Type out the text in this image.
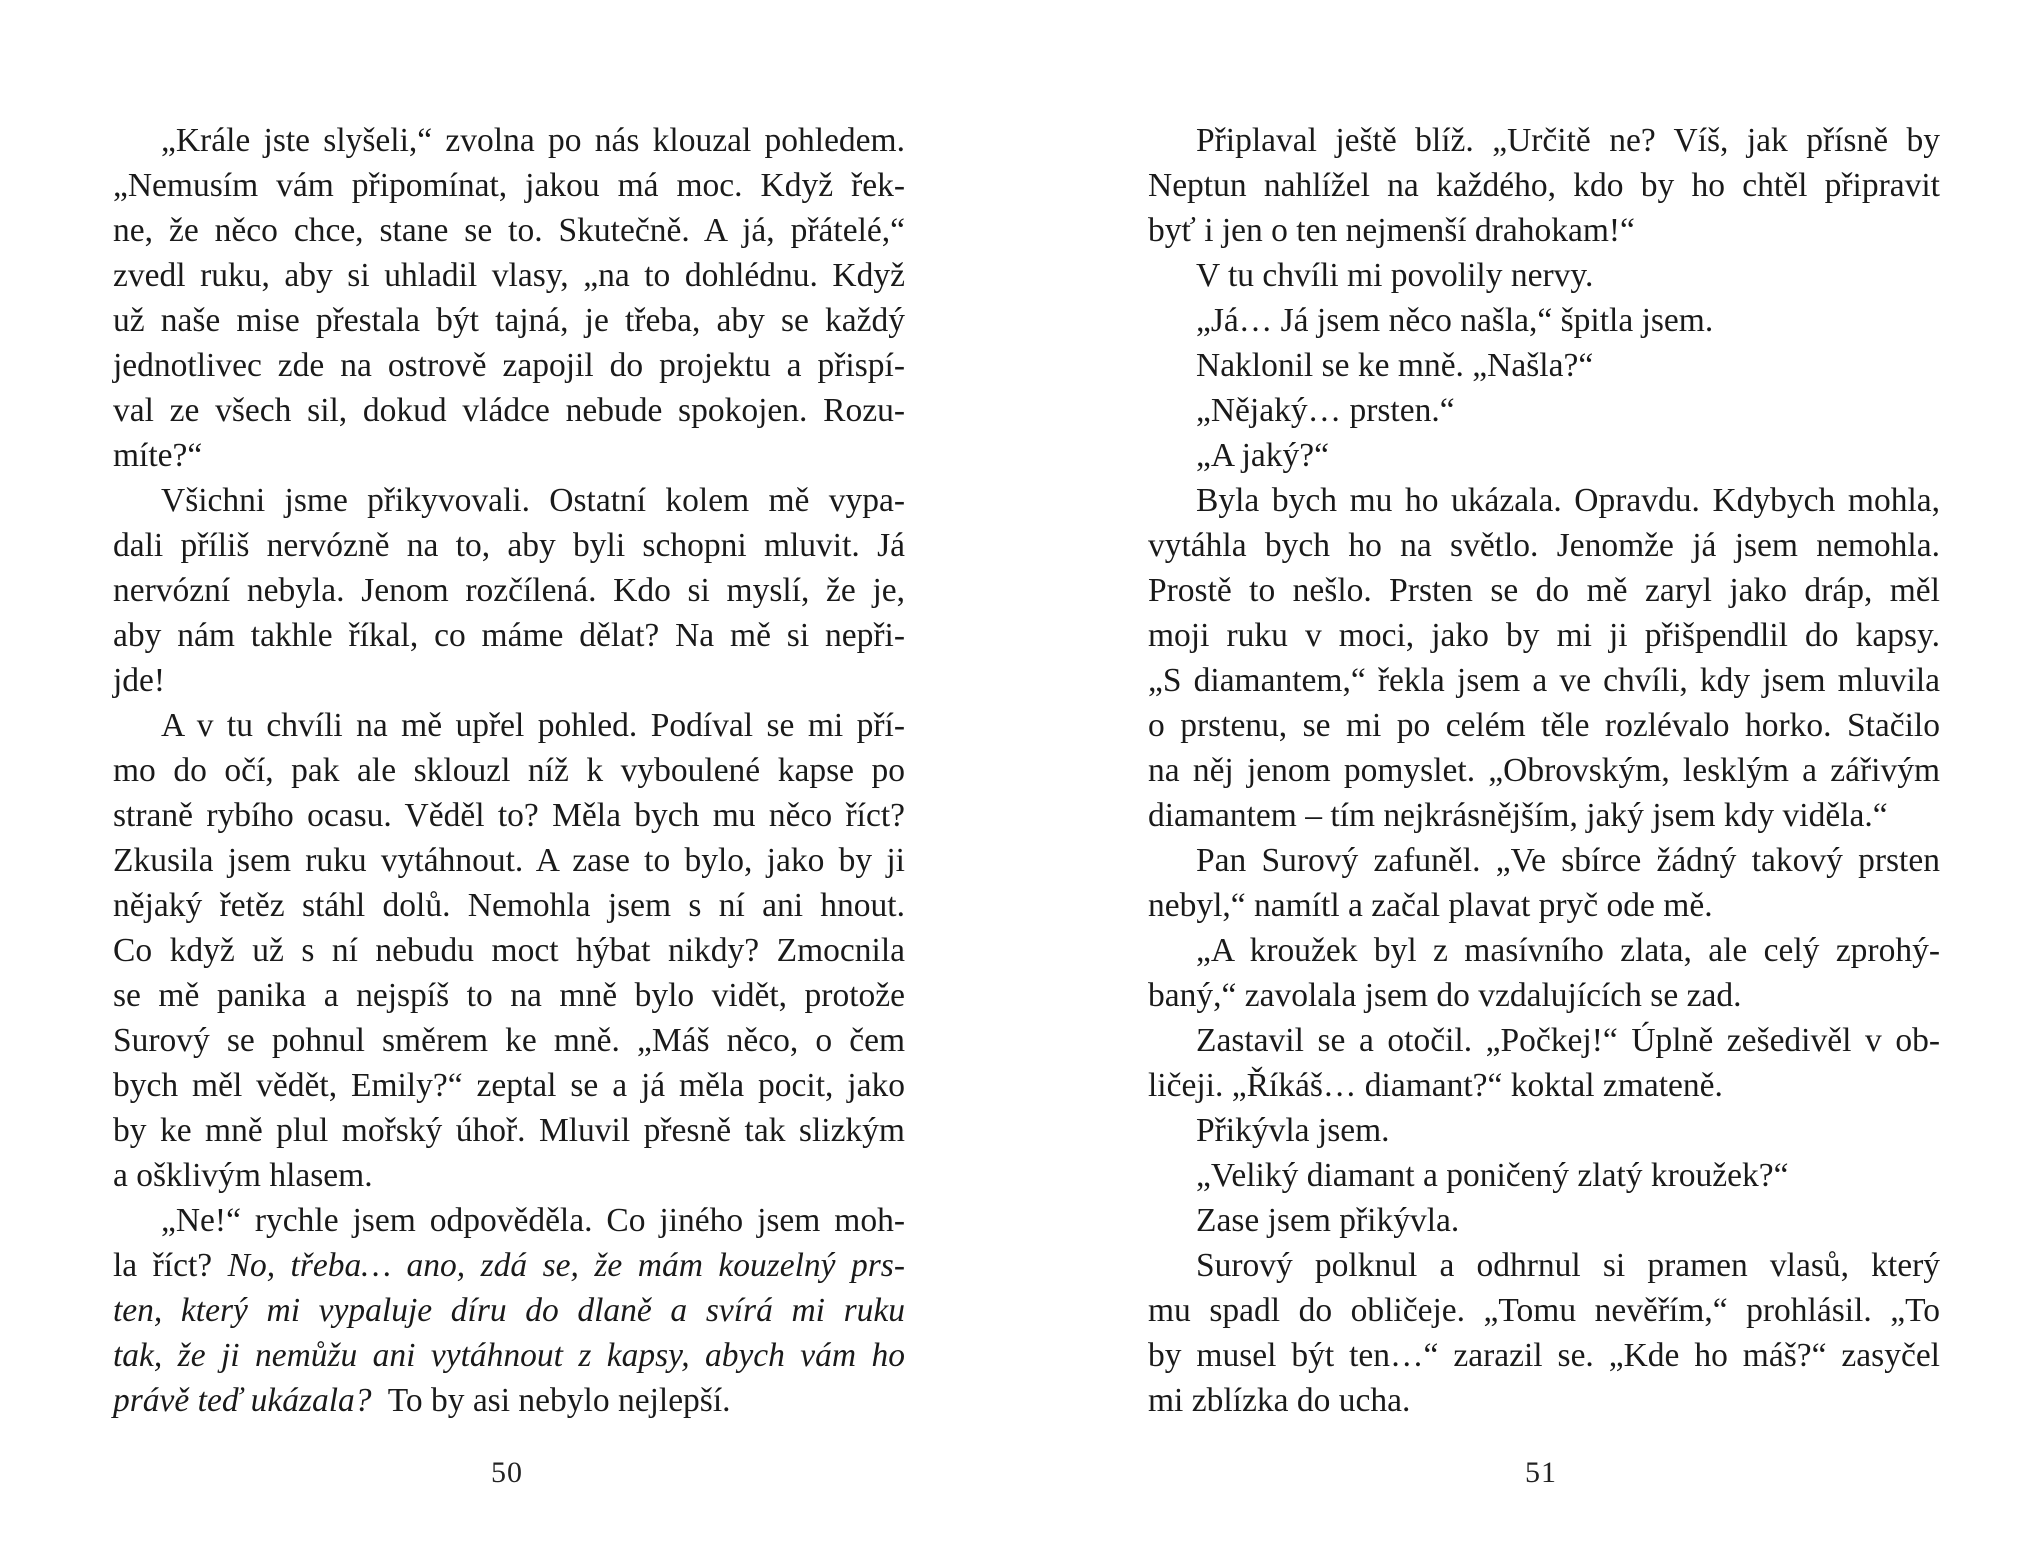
„Krále jste slyšeli,“ zvolna po nás klouzal pohledem.
„Nemusím vám připomínat, jakou má moc. Když řek-
ne, že něco chce, stane se to. Skutečně. A já, přátelé,“
zvedl ruku, aby si uhladil vlasy, „na to dohlédnu. Když
už naše mise přestala být tajná, je třeba, aby se každý
jednotlivec zde na ostrově zapojil do projektu a přispí-
val ze všech sil, dokud vládce nebude spokojen. Rozu-
míte?“
Všichni jsme přikyvovali. Ostatní kolem mě vypa-
dali příliš nervózně na to, aby byli schopni mluvit. Já
nervózní nebyla. Jenom rozčílená. Kdo si myslí, že je,
aby nám takhle říkal, co máme dělat? Na mě si nepři-
jde!
A v tu chvíli na mě upřel pohled. Podíval se mi pří-
mo do očí, pak ale sklouzl níž k vyboulené kapse po
straně rybího ocasu. Věděl to? Měla bych mu něco říct?
Zkusila jsem ruku vytáhnout. A zase to bylo, jako by ji
nějaký řetěz stáhl dolů. Nemohla jsem s ní ani hnout.
Co když už s ní nebudu moct hýbat nikdy? Zmocnila
se mě panika a nejspíš to na mně bylo vidět, protože
Surový se pohnul směrem ke mně. „Máš něco, o čem
bych měl vědět, Emily?“ zeptal se a já měla pocit, jako
by ke mně plul mořský úhoř. Mluvil přesně tak slizkým
a ošklivým hlasem.
„Ne!“ rychle jsem odpověděla. Co jiného jsem moh-
la říct? No, třeba… ano, zdá se, že mám kouzelný prs-
ten, který mi vypaluje díru do dlaně a svírá mi ruku
tak, že ji nemůžu ani vytáhnout z kapsy, abych vám ho
právě teď ukázala?  To by asi nebylo nejlepší.
50
Připlaval ještě blíž. „Určitě ne? Víš, jak přísně by
Neptun nahlížel na každého, kdo by ho chtěl připravit
byť i jen o ten nejmenší drahokam!“
V tu chvíli mi povolily nervy.
„Já… Já jsem něco našla,“ špitla jsem.
Naklonil se ke mně. „Našla?“
„Nějaký… prsten.“
„A jaký?“
Byla bych mu ho ukázala. Opravdu. Kdybych mohla,
vytáhla bych ho na světlo. Jenomže já jsem nemohla.
Prostě to nešlo. Prsten se do mě zaryl jako dráp, měl
moji ruku v moci, jako by mi ji přišpendlil do kapsy.
„S diamantem,“ řekla jsem a ve chvíli, kdy jsem mluvila
o prstenu, se mi po celém těle rozlévalo horko. Stačilo
na něj jenom pomyslet. „Obrovským, lesklým a zářivým
diamantem – tím nejkrásnějším, jaký jsem kdy viděla.“
Pan Surový zafuněl. „Ve sbírce žádný takový prsten
nebyl,“ namítl a začal plavat pryč ode mě.
„A kroužek byl z masívního zlata, ale celý zprohý-
baný,“ zavolala jsem do vzdalujících se zad.
Zastavil se a otočil. „Počkej!“ Úplně zešedivěl v ob-
ličeji. „Říkáš… diamant?“ koktal zmateně.
Přikývla jsem.
„Veliký diamant a poničený zlatý kroužek?“
Zase jsem přikývla.
Surový polknul a odhrnul si pramen vlasů, který
mu spadl do obličeje. „Tomu nevěřím,“ prohlásil. „To
by musel být ten…“ zarazil se. „Kde ho máš?“ zasyčel
mi zblízka do ucha.
51
